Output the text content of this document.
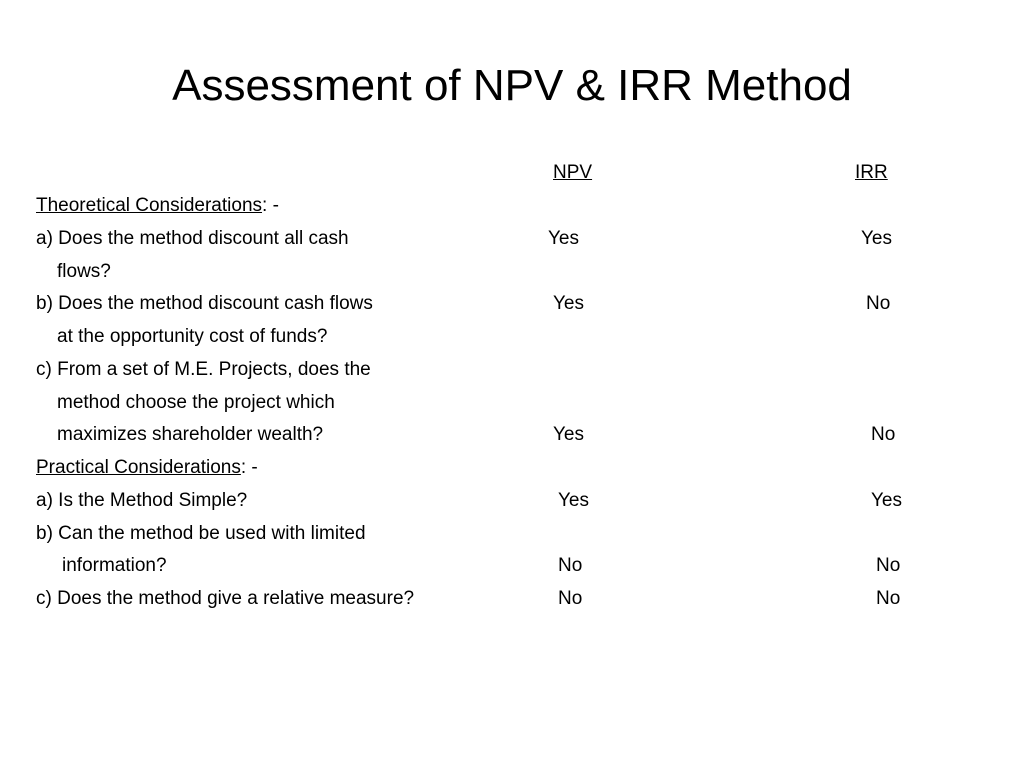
Assessment of NPV & IRR Method
NPV	IRR
Theoretical Considerations: -
a) Does the method discount all cash
flows?
Yes	Yes
b) Does the method discount cash flows
at the opportunity cost of funds?
Yes	No
c) From a set of M.E. Projects, does the
method choose the project which
maximizes shareholder wealth?	Yes	No
Practical Considerations: -
a) Is the Method Simple?	Yes	Yes
b) Can the method be used with limited
information?	No	No
c) Does the method give a relative measure?	No	No
